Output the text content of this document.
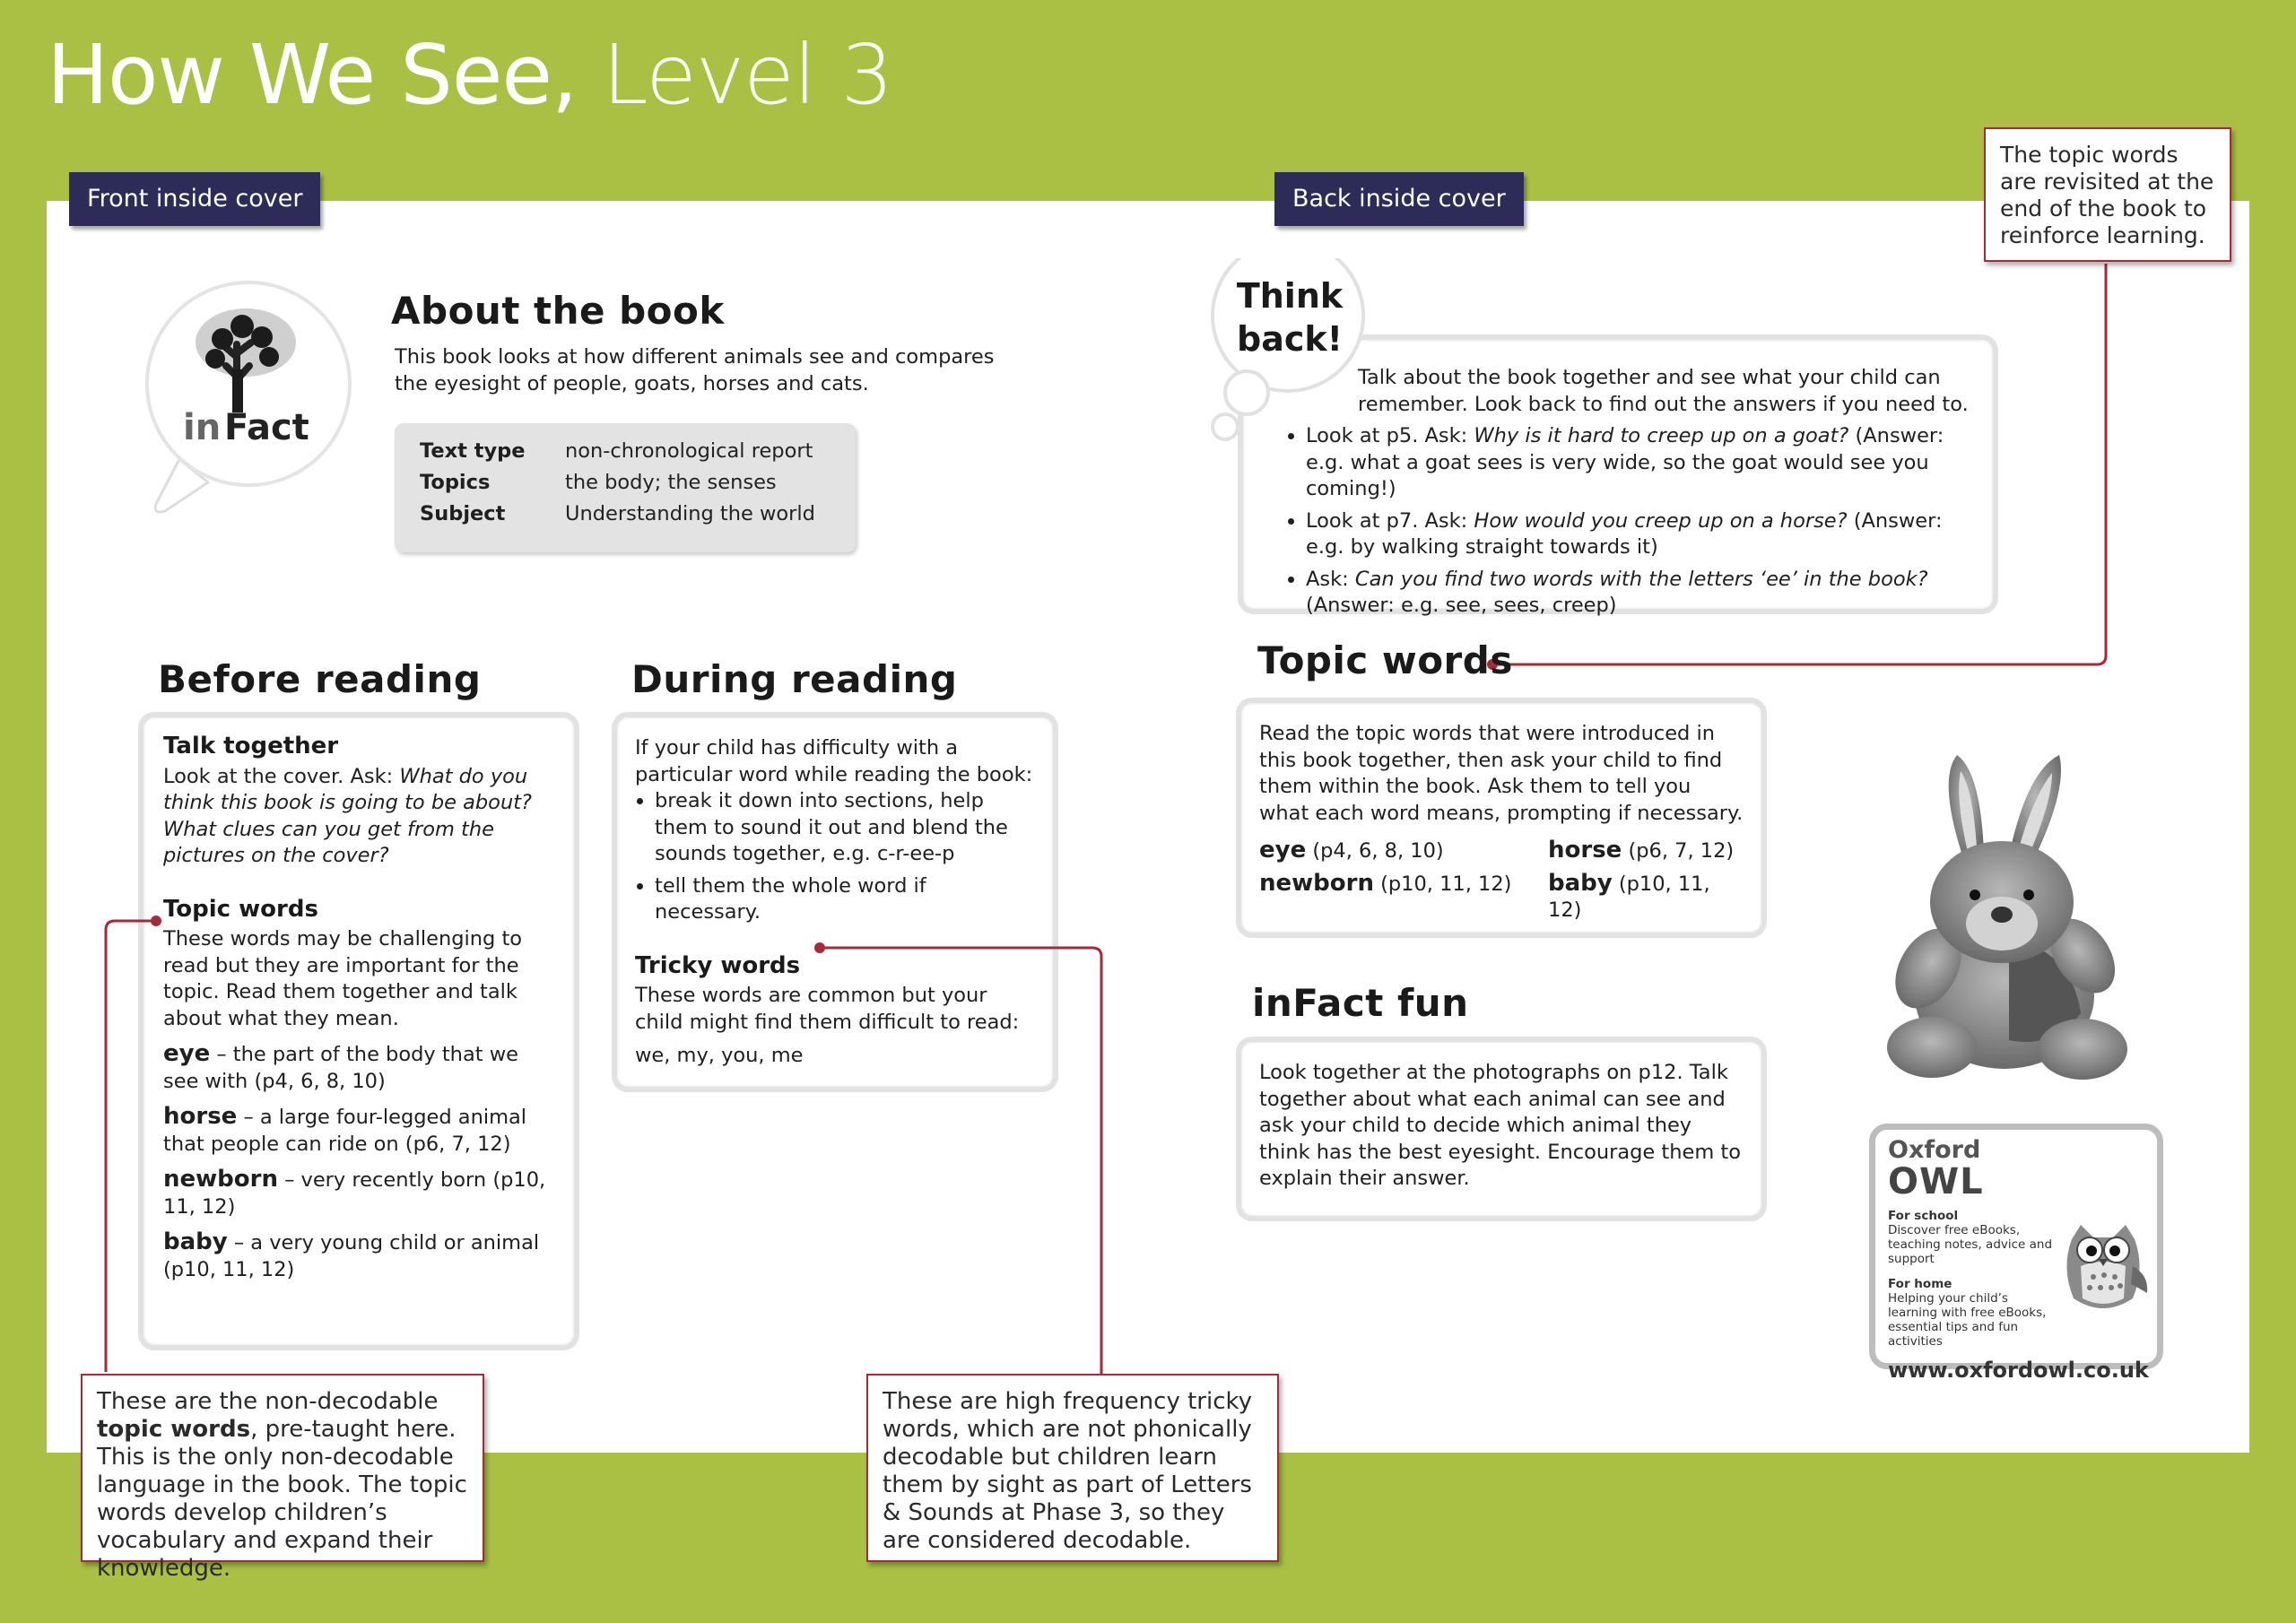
How We See, Level 3
Front inside cover	Back inside cover
in Fact
About the book
This book looks at how different animals see and compares the eyesight of people, goats, horses and cats.
Text type	non-chronological report
Topics	the body; the senses
Subject	Understanding the world
Before reading
Talk together
Look at the cover. Ask: What do you think this book is going to be about?
What clues can you get from the pictures on the cover?
Topic words
These words may be challenging to read but they are important for the topic. Read them together and talk about what they mean.
eye – the part of the body that we see with (p4, 6, 8, 10)
horse – a large four-legged animal that people can ride on (p6, 7, 12)
newborn – very recently born (p10, 11, 12)
baby – a very young child or animal (p10, 11, 12)
During reading
If your child has difficulty with a particular word while reading the book:
• break it down into sections, help them to sound it out and blend the sounds together, e.g. c-r-ee-p
• tell them the whole word if necessary.
Tricky words
These words are common but your child might find them difficult to read:
we, my, you, me
These are the non-decodable topic words, pre-taught here. This is the only non-decodable language in the book. The topic words develop children’s vocabulary and expand their knowledge.
These are high frequency tricky words, which are not phonically decodable but children learn them by sight as part of Letters & Sounds at Phase 3, so they are considered decodable.
The topic words are revisited at the end of the book to reinforce learning.
Talk about the book together and see what your child can remember. Look back to find out the answers if you need to.
• Look at p5. Ask: Why is it hard to creep up on a goat? (Answer: e.g. what a goat sees is very wide, so the goat would see you coming!)
• Look at p7. Ask: How would you creep up on a horse? (Answer: e.g. by walking straight towards it)
• Ask: Can you find two words with the letters ‘ee’ in the book? (Answer: e.g. see, sees, creep)
Think
back!
Topic words
Read the topic words that were introduced in this book together, then ask your child to find them within the book. Ask them to tell you what each word means, prompting if necessary.
eye (p4, 6, 8, 10)	horse (p6, 7, 12)
newborn (p10, 11, 12)	baby (p10, 11, 12)
inFact fun
Look together at the photographs on p12. Talk together about what each animal can see and ask your child to decide which animal they think has the best eyesight. Encourage them to explain their answer.
Oxford
OWL
For school
Discover free eBooks, teaching notes, advice and support
For home
Helping your child’s learning with free eBooks, essential tips and fun activities
www.oxfordowl.co.uk
